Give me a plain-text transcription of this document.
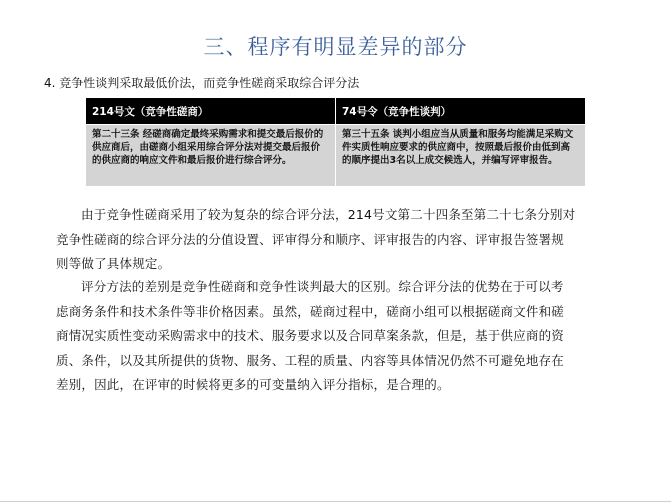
三、程序有明显差异的部分
4. 竞争性谈判采取最低价法，而竞争性磋商采取综合评分法
214号文（竞争性磋商）	74号令（竞争性谈判）
第二十三条 经磋商确定最终采购需求和提交最后报价的供应商后，由磋商小组采用综合评分法对提交最后报价的供应商的响应文件和最后报价进行综合评分。	第三十五条 谈判小组应当从质量和服务均能满足采购文件实质性响应要求的供应商中，按照最后报价由低到高的顺序提出3名以上成交候选人，并编写评审报告。

由于竞争性磋商采用了较为复杂的综合评分法，214号文第二十四条至第二十七条分别对竞争性磋商的综合评分法的分值设置、评审得分和顺序、评审报告的内容、评审报告签署规则等做了具体规定。

评分方法的差别是竞争性磋商和竞争性谈判最大的区别。综合评分法的优势在于可以考虑商务条件和技术条件等非价格因素。虽然，磋商过程中，磋商小组可以根据磋商文件和磋商情况实质性变动采购需求中的技术、服务要求以及合同草案条款，但是，基于供应商的资质、条件，以及其所提供的货物、服务、工程的质量、内容等具体情况仍然不可避免地存在差别，因此，在评审的时候将更多的可变量纳入评分指标，是合理的。
